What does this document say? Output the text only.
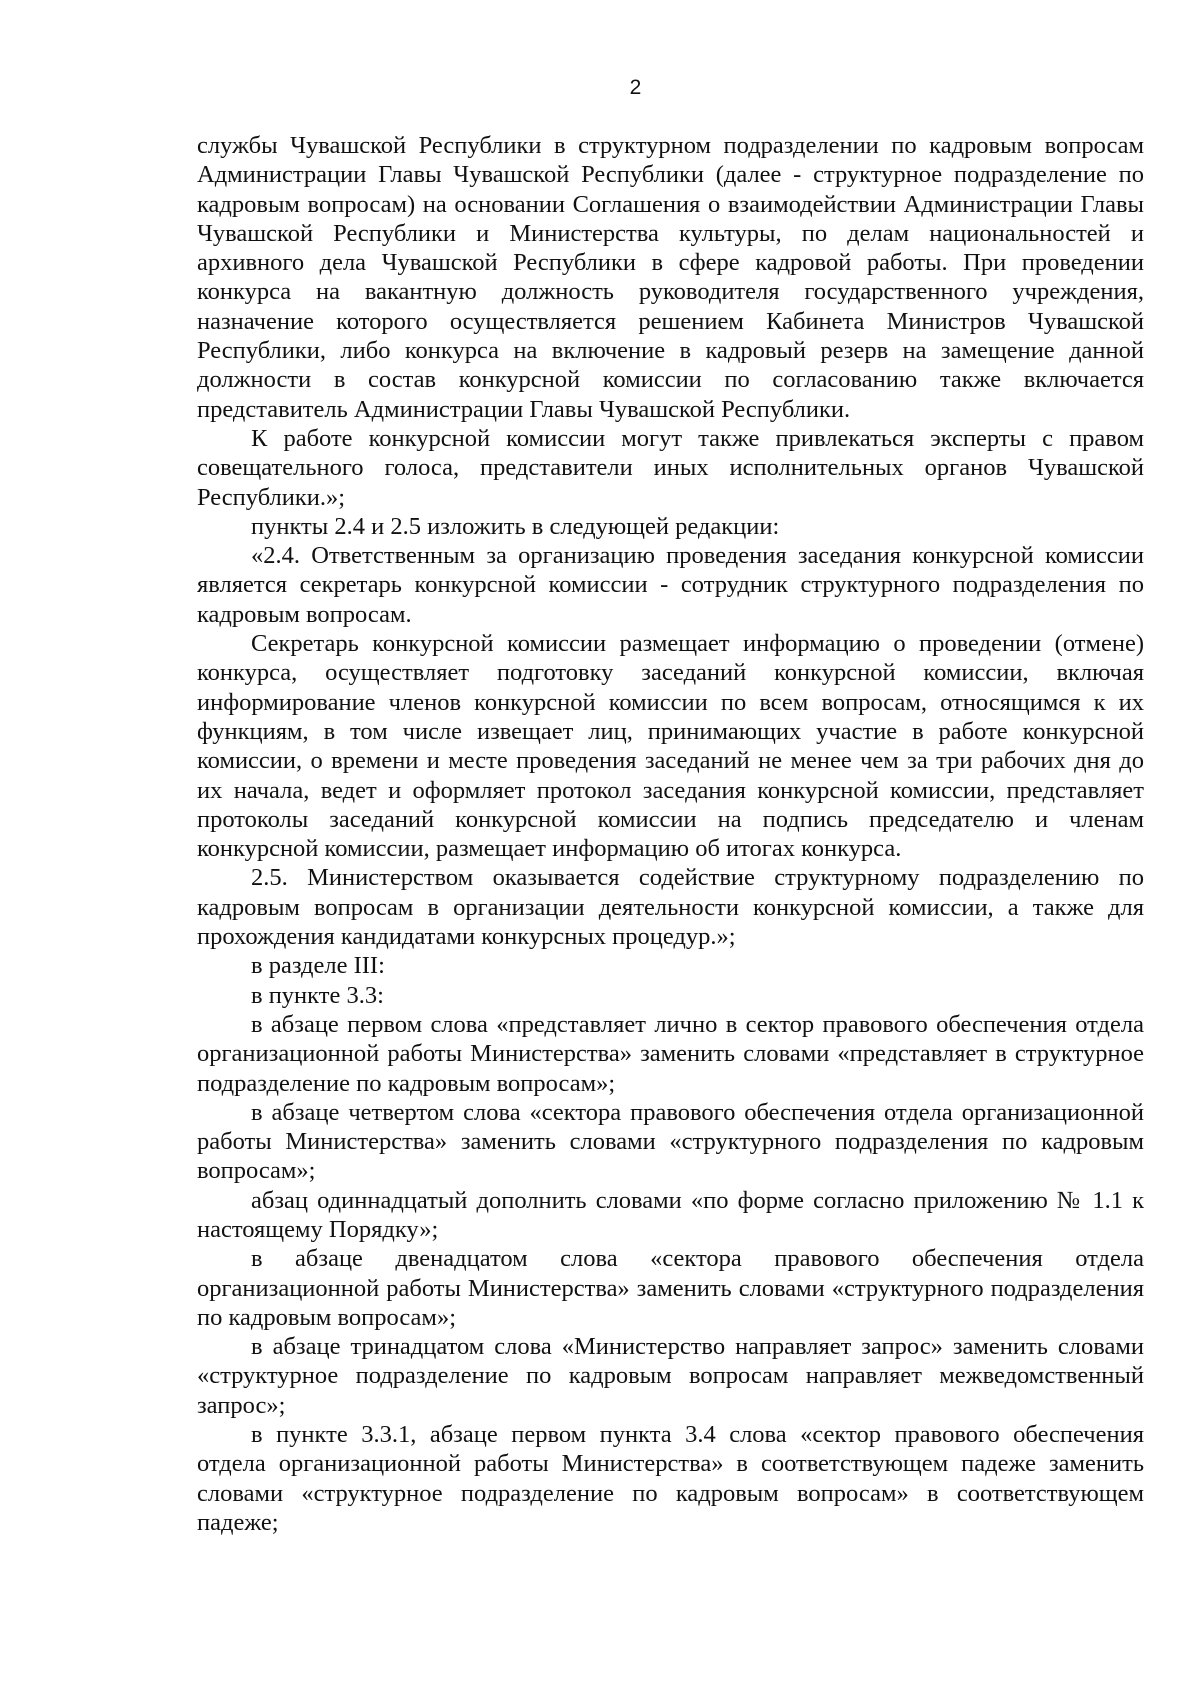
2

службы Чувашской Республики в структурном подразделении по кадровым вопросам Администрации Главы Чувашской Республики (далее - структурное подразделение по кадровым вопросам) на основании Соглашения о взаимодействии Администрации Главы Чувашской Республики и Министерства культуры, по делам национальностей и архивного дела Чувашской Республики в сфере кадровой работы. При проведении конкурса на вакантную должность руководителя государственного учреждения, назначение которого осуществляется решением Кабинета Министров Чувашской Республики, либо конкурса на включение в кадровый резерв на замещение данной должности в состав конкурсной комиссии по согласованию также включается представитель Администрации Главы Чувашской Республики.

К работе конкурсной комиссии могут также привлекаться эксперты с правом совещательного голоса, представители иных исполнительных органов Чувашской Республики.»;

пункты 2.4 и 2.5 изложить в следующей редакции:

«2.4. Ответственным за организацию проведения заседания конкурсной комиссии является секретарь конкурсной комиссии - сотрудник структурного подразделения по кадровым вопросам.

Секретарь конкурсной комиссии размещает информацию о проведении (отмене) конкурса, осуществляет подготовку заседаний конкурсной комиссии, включая информирование членов конкурсной комиссии по всем вопросам, относящимся к их функциям, в том числе извещает лиц, принимающих участие в работе конкурсной комиссии, о времени и месте проведения заседаний не менее чем за три рабочих дня до их начала, ведет и оформляет протокол заседания конкурсной комиссии, представляет протоколы заседаний конкурсной комиссии на подпись председателю и членам конкурсной комиссии, размещает информацию об итогах конкурса.

2.5. Министерством оказывается содействие структурному подразделению по кадровым вопросам в организации деятельности конкурсной комиссии, а также для прохождения кандидатами конкурсных процедур.»;

в разделе III:

в пункте 3.3:

в абзаце первом слова «представляет лично в сектор правового обеспечения отдела организационной работы Министерства» заменить словами «представляет в структурное подразделение по кадровым вопросам»;

в абзаце четвертом слова «сектора правового обеспечения отдела организационной работы Министерства» заменить словами «структурного подразделения по кадровым вопросам»;

абзац одиннадцатый дополнить словами «по форме согласно приложению № 1.1 к настоящему Порядку»;

в абзаце двенадцатом слова «сектора правового обеспечения отдела организационной работы Министерства» заменить словами «структурного подразделения по кадровым вопросам»;

в абзаце тринадцатом слова «Министерство направляет запрос» заменить словами «структурное подразделение по кадровым вопросам направляет межведомственный запрос»;

в пункте 3.3.1, абзаце первом пункта 3.4 слова «сектор правового обеспечения отдела организационной работы Министерства» в соответствующем падеже заменить словами «структурное подразделение по кадровым вопросам» в соответствующем падеже;
